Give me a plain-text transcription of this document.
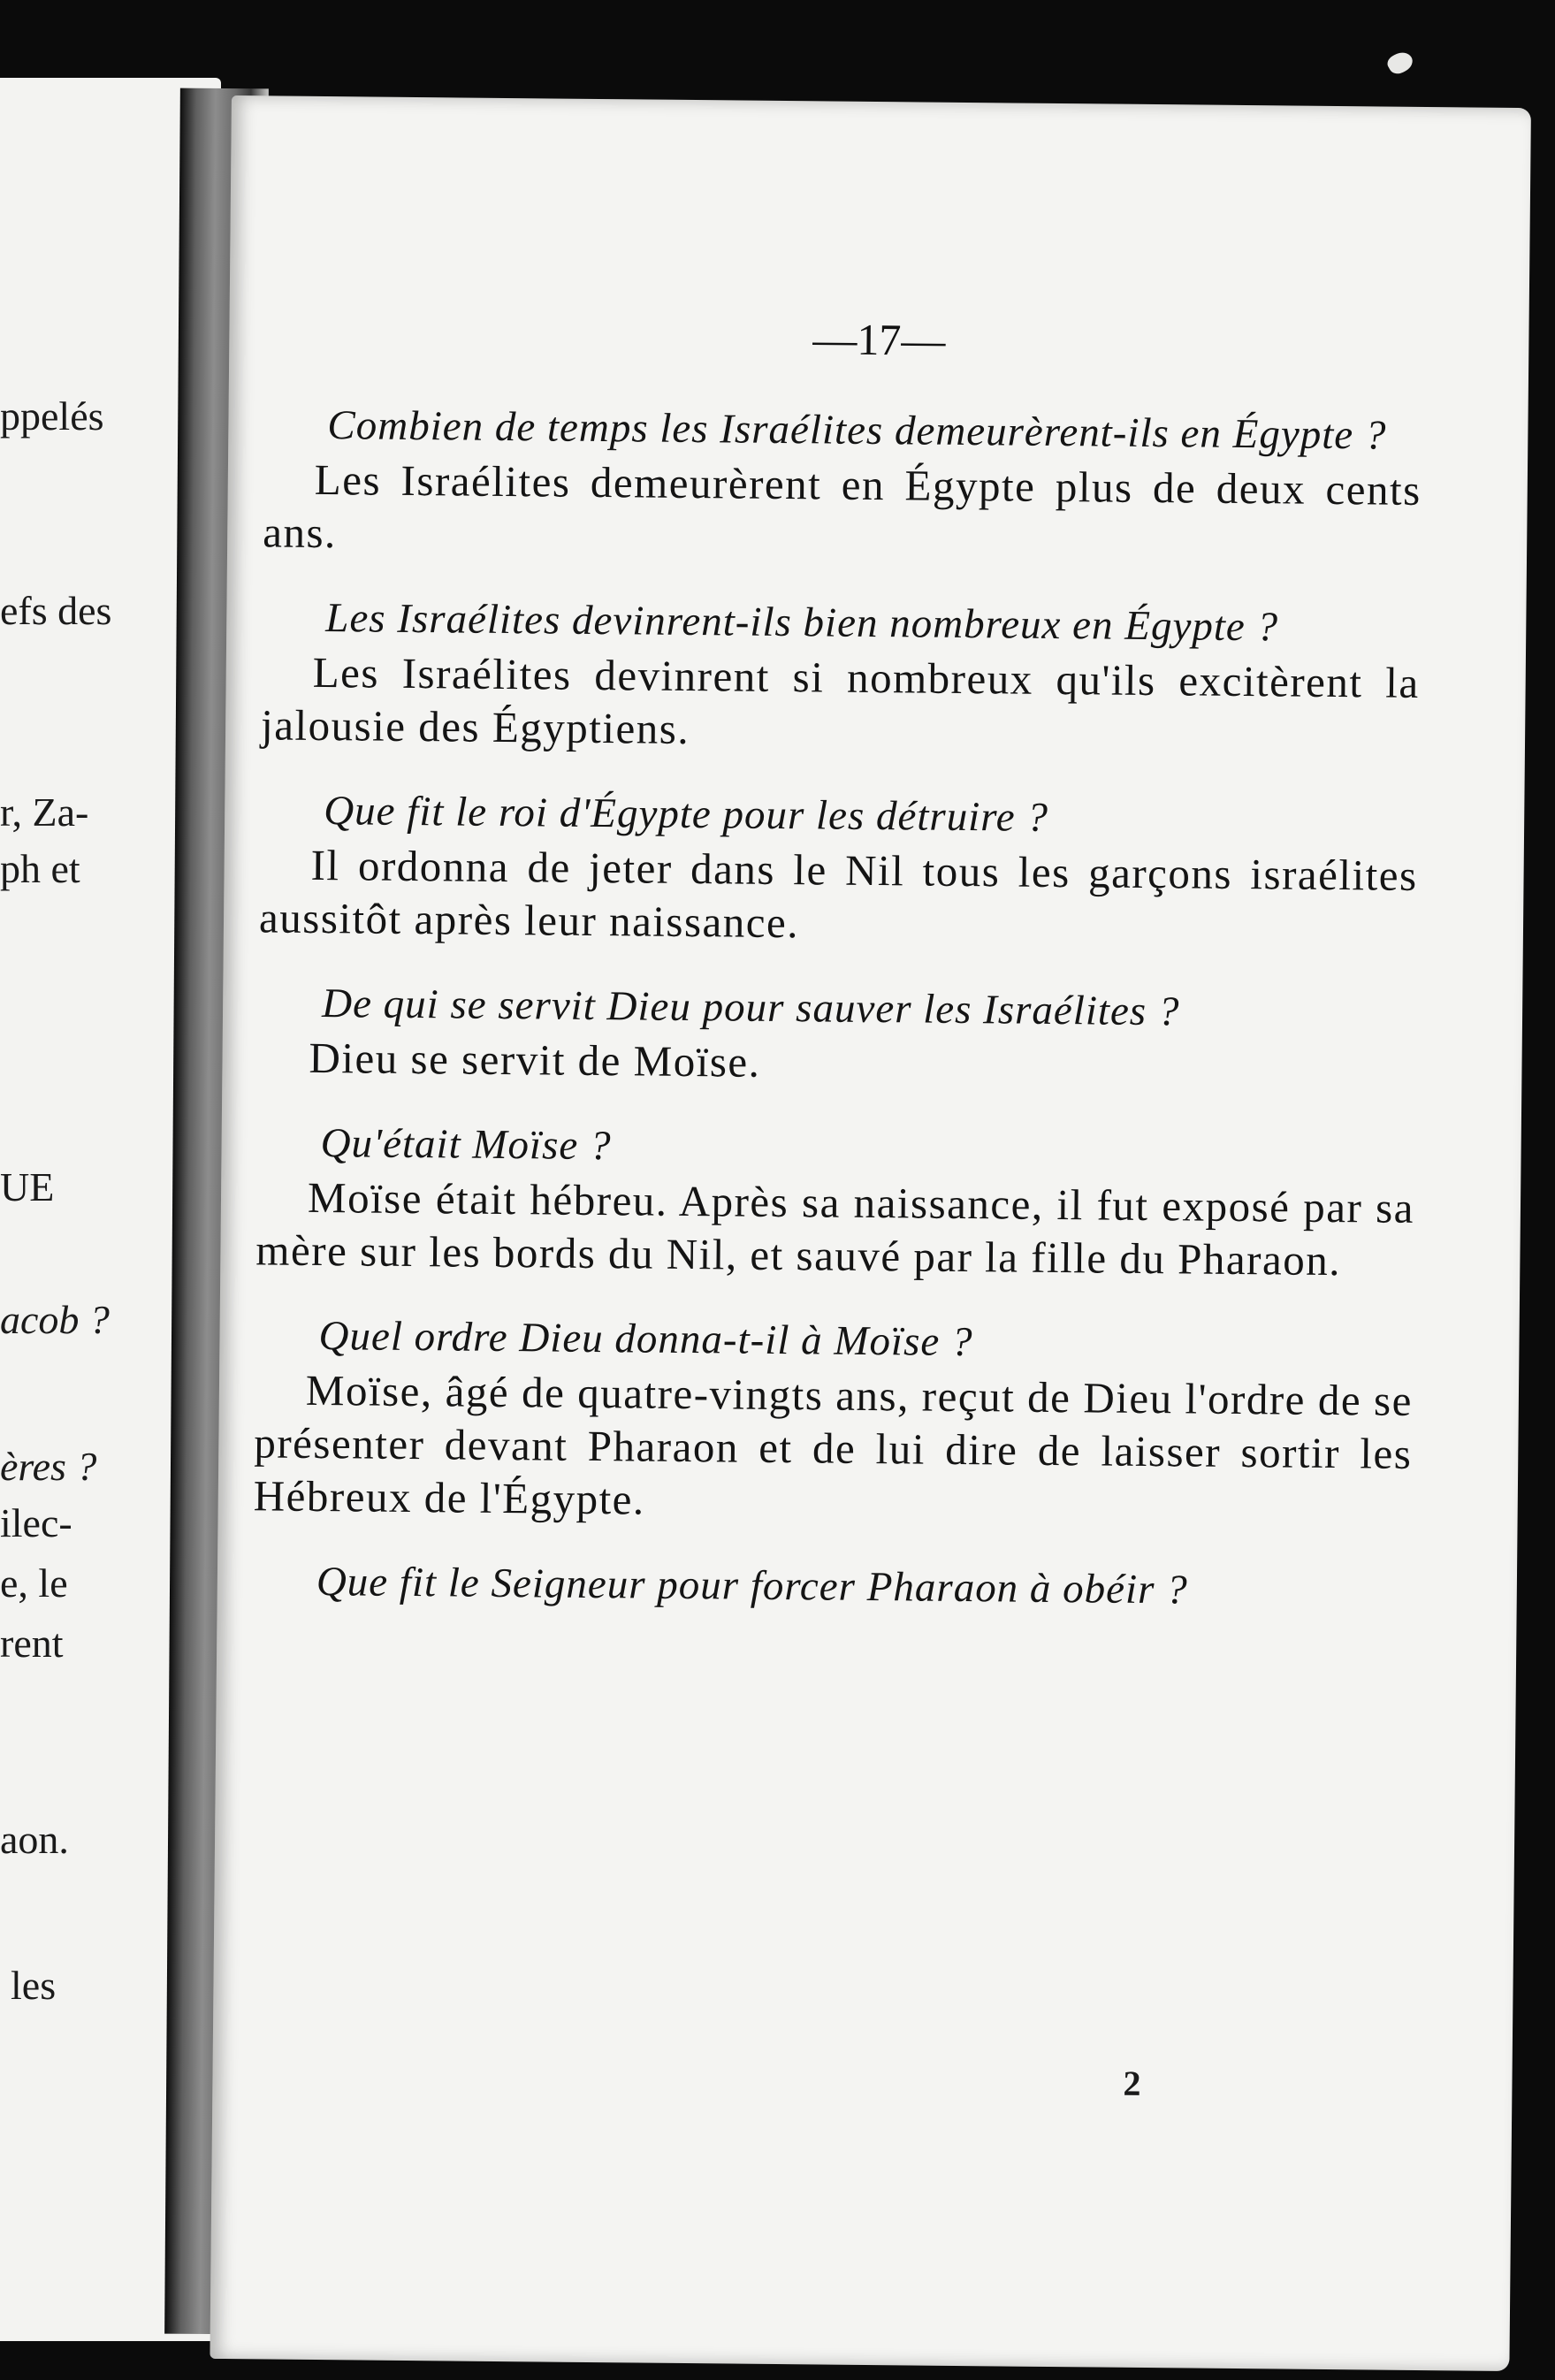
ppelés
efs des
r, Za-
ph et
UE
acob ?
ères ?
ilec-
e, le
rent
aon.
les
—17—

Combien de temps les Israélites demeurèrent-ils en Égypte ?

Les Israélites demeurèrent en Égypte plus de deux cents ans.

Les Israélites devinrent-ils bien nombreux en Égypte ?

Les Israélites devinrent si nombreux qu'ils excitèrent la jalousie des Égyptiens.

Que fit le roi d'Égypte pour les détruire ?

Il ordonna de jeter dans le Nil tous les garçons israélites aussitôt après leur naissance.

De qui se servit Dieu pour sauver les Israélites ?

Dieu se servit de Moïse.

Qu'était Moïse ?

Moïse était hébreu. Après sa naissance, il fut exposé par sa mère sur les bords du Nil, et sauvé par la fille du Pharaon.

Quel ordre Dieu donna-t-il à Moïse ?

Moïse, âgé de quatre-vingts ans, reçut de Dieu l'ordre de se présenter devant Pharaon et de lui dire de laisser sortir les Hébreux de l'Égypte.

Que fit le Seigneur pour forcer Pharaon à obéir ?

2
